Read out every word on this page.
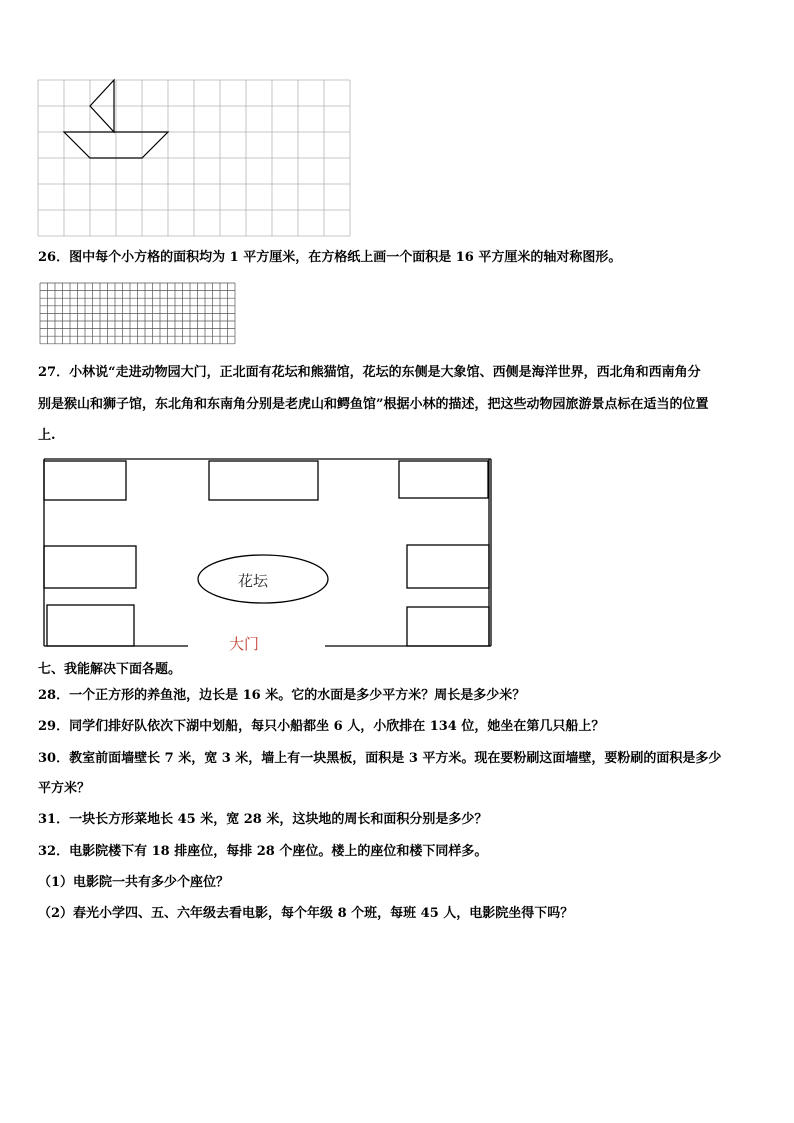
26．图中每个小方格的面积均为 1 平方厘米，在方格纸上画一个面积是 16 平方厘米的轴对称图形。
27．小林说“走进动物园大门，正北面有花坛和熊猫馆，花坛的东侧是大象馆、西侧是海洋世界，西北角和西南角分
别是猴山和狮子馆，东北角和东南角分别是老虎山和鳄鱼馆”根据小林的描述，把这些动物园旅游景点标在适当的位置
上.
花坛
大门
七、我能解决下面各题。
28．一个正方形的养鱼池，边长是 16 米。它的水面是多少平方米？周长是多少米？
29．同学们排好队依次下湖中划船，每只小船都坐 6 人，小欣排在 134 位，她坐在第几只船上？
30．教室前面墙壁长 7 米，宽 3 米，墙上有一块黑板，面积是 3 平方米。现在要粉刷这面墙壁，要粉刷的面积是多少
平方米？
31．一块长方形菜地长 45 米，宽 28 米，这块地的周长和面积分别是多少？
32．电影院楼下有 18 排座位，每排 28 个座位。楼上的座位和楼下同样多。
（1）电影院一共有多少个座位？
（2）春光小学四、五、六年级去看电影，每个年级 8 个班，每班 45 人，电影院坐得下吗？
